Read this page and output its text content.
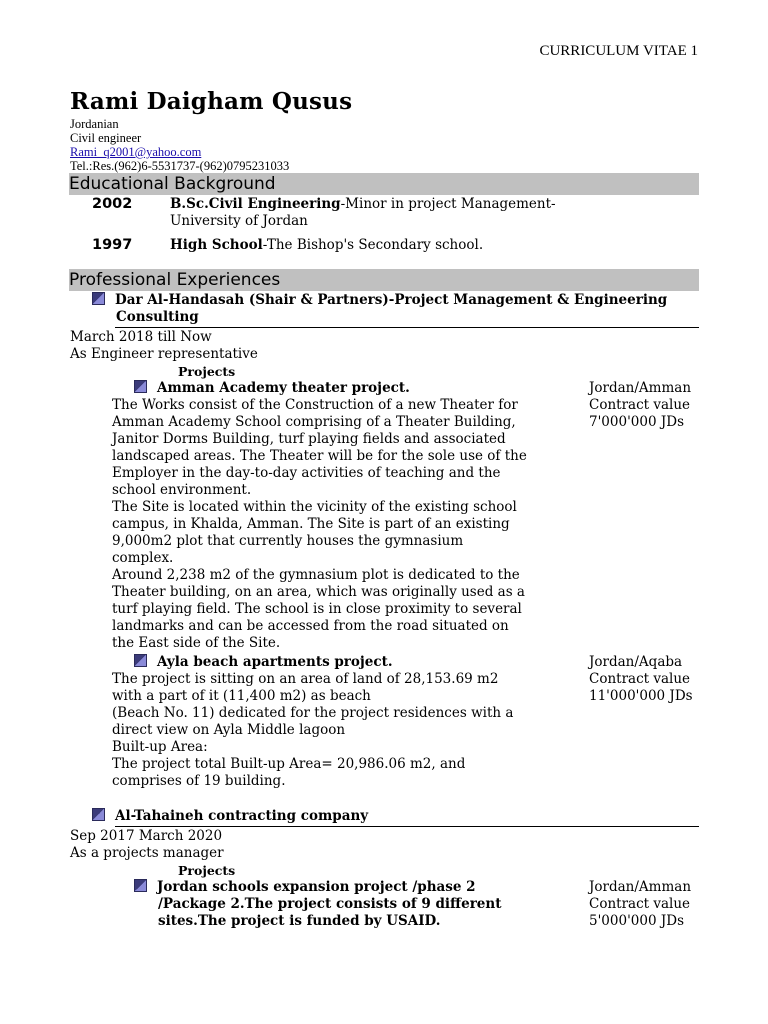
CURRICULUM VITAE 1
Rami Daigham Qusus
Jordanian
Civil engineer
Rami_q2001@yahoo.com
Tel.:Res.(962)6-5531737-(962)0795231033
Educational Background
2002	B.Sc.Civil Engineering-Minor in project Management-
University of Jordan
1997	High School-The Bishop's Secondary school.
Professional Experiences
Dar Al-Handasah (Shair & Partners)-Project Management & Engineering
Consulting
March 2018 till Now
As Engineer representative
Projects
Amman Academy theater project.	Jordan/Amman
Contract value
7'000'000 JDs
The Works consist of the Construction of a new Theater for
Amman Academy School comprising of a Theater Building,
Janitor Dorms Building, turf playing fields and associated
landscaped areas. The Theater will be for the sole use of the
Employer in the day-to-day activities of teaching and the
school environment.
The Site is located within the vicinity of the existing school
campus, in Khalda, Amman. The Site is part of an existing
9,000m2 plot that currently houses the gymnasium
complex.
Around 2,238 m2 of the gymnasium plot is dedicated to the
Theater building, on an area, which was originally used as a
turf playing field. The school is in close proximity to several
landmarks and can be accessed from the road situated on
the East side of the Site.
Ayla beach apartments project.	Jordan/Aqaba
Contract value
11'000'000 JDs
The project is sitting on an area of land of 28,153.69 m2
with a part of it (11,400 m2) as beach
(Beach No. 11) dedicated for the project residences with a
direct view on Ayla Middle lagoon
Built-up Area:
The project total Built-up Area= 20,986.06 m2, and
comprises of 19 building.
Al-Tahaineh contracting company
Sep 2017 March 2020
As a projects manager
Projects
Jordan schools expansion project /phase 2
/Package 2.The project consists of 9 different
sites.The project is funded by USAID.
Jordan/Amman
Contract value
5'000'000 JDs
